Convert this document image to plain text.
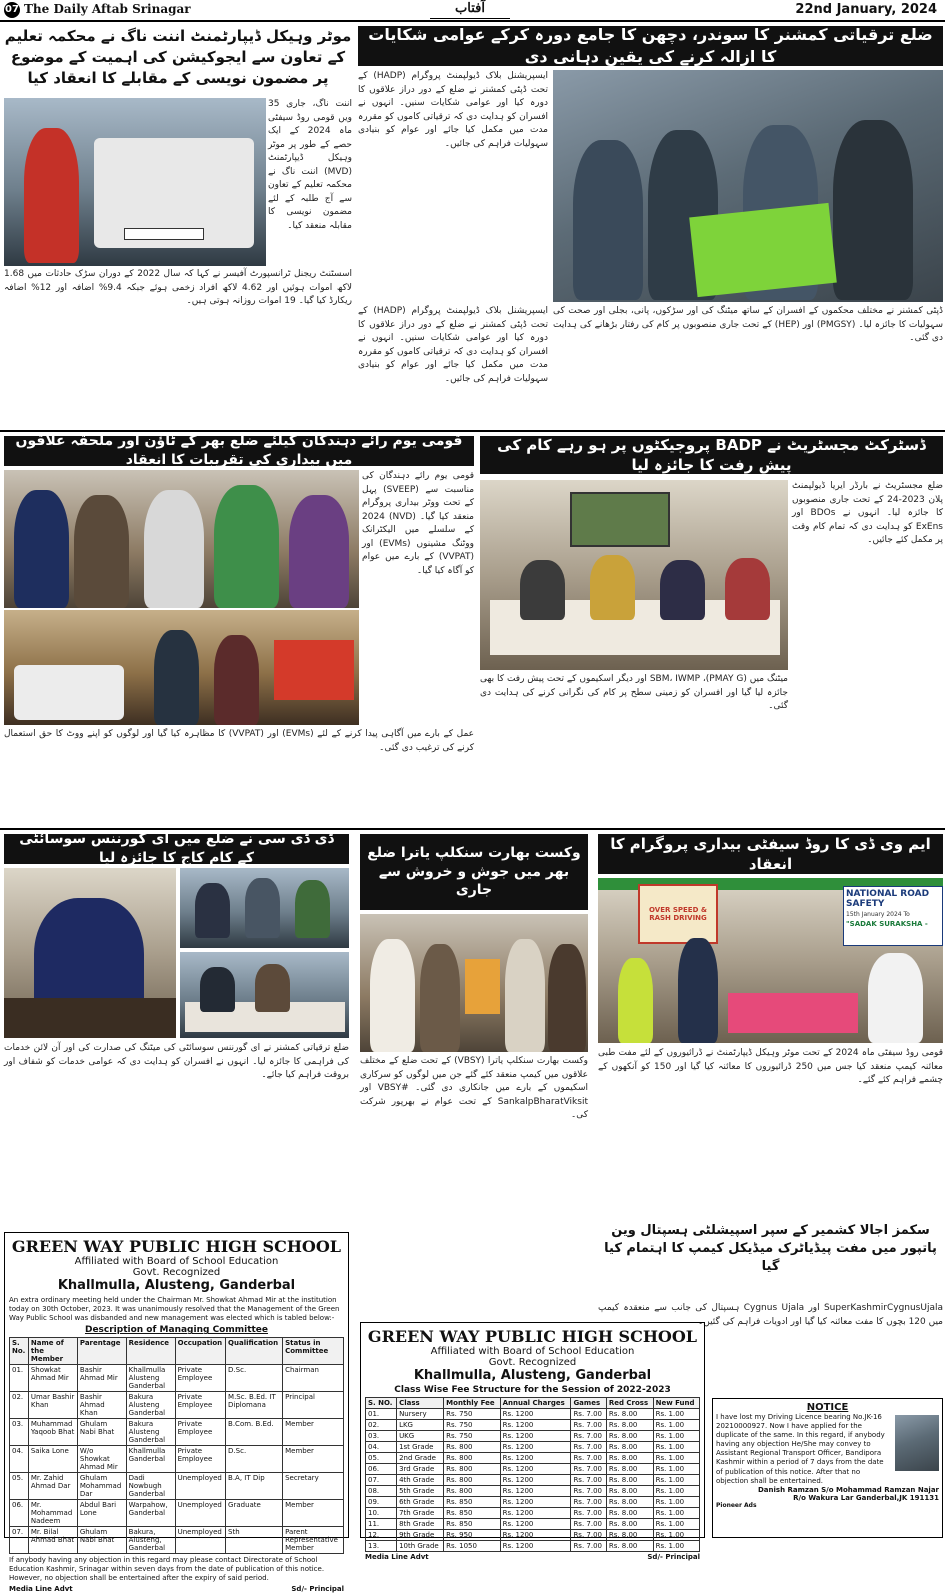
07 The Daily Aftab Srinagar	آفتاب	22nd January, 2024
ضلع ترقیاتی کمشنر کا سوندر، دچھن کا جامع دورہ کرکے عوامی شکایات کا ازالہ کرنے کی یقین دہانی دی
ایسپریشنل بلاک ڈیولپمنٹ پروگرام (HADP) کے تحت ڈپٹی کمشنر نے ضلع کے دور دراز علاقوں کا دورہ کیا اور عوامی شکایات سنیں۔ انہوں نے افسران کو ہدایت دی کہ ترقیاتی کاموں کو مقررہ مدت میں مکمل کیا جائے اور عوام کو بنیادی سہولیات فراہم کی جائیں۔
ڈپٹی کمشنر نے مختلف محکموں کے افسران کے ساتھ میٹنگ کی اور سڑکوں، پانی، بجلی اور صحت کی سہولیات کا جائزہ لیا۔ (PMGSY) اور (HEP) کے تحت جاری منصوبوں پر کام کی رفتار بڑھانے کی ہدایت دی گئی۔
ایسپریشنل بلاک ڈیولپمنٹ پروگرام (HADP) کے تحت ڈپٹی کمشنر نے ضلع کے دور دراز علاقوں کا دورہ کیا اور عوامی شکایات سنیں۔ انہوں نے افسران کو ہدایت دی کہ ترقیاتی کاموں کو مقررہ مدت میں مکمل کیا جائے اور عوام کو بنیادی سہولیات فراہم کی جائیں۔
موٹر وہیکل ڈیپارٹمنٹ اننت ناگ نے محکمہ تعلیم کے تعاون سے ایجوکیشن کی اہمیت کے موضوع پر مضمون نویسی کے مقابلے کا انعقاد کیا
اننت ناگ، جاری 35 ویں قومی روڈ سیفٹی ماہ 2024 کے ایک حصے کے طور پر موٹر وہیکل ڈیپارٹمنٹ (MVD) اننت ناگ نے محکمہ تعلیم کے تعاون سے آج طلبہ کے لئے مضمون نویسی کا مقابلہ منعقد کیا۔
اسسٹنٹ ریجنل ٹرانسپورٹ آفیسر نے کہا کہ سال 2022 کے دوران سڑک حادثات میں 1.68 لاکھ اموات ہوئیں اور 4.62 لاکھ افراد زخمی ہوئے جبکہ 9.4% اضافہ اور 12% اضافہ ریکارڈ کیا گیا۔ 19 اموات روزانہ ہوتی ہیں۔
قومی یوم رائے دہندگان کیلئے ضلع بھر کے ٹاؤن اور ملحقہ علاقوں میں بیداری کی تقریبات کا انعقاد
قومی یوم رائے دہندگان کی مناسبت سے (SVEEP) پہل کے تحت ووٹر بیداری پروگرام منعقد کیا گیا۔ (NVD) 2024 کے سلسلے میں الیکٹرانک ووٹنگ مشینوں (EVMs) اور (VVPAT) کے بارے میں عوام کو آگاہ کیا گیا۔
عمل کے بارے میں آگاہی پیدا کرنے کے لئے (EVMs) اور (VVPAT) کا مظاہرہ کیا گیا اور لوگوں کو اپنے ووٹ کا حق استعمال کرنے کی ترغیب دی گئی۔
ڈسٹرکٹ مجسٹریٹ نے BADP پروجیکٹوں پر ہو رہے کام کی پیش رفت کا جائزہ لیا
ضلع مجسٹریٹ نے بارڈر ایریا ڈیولپمنٹ پلان 2023-24 کے تحت جاری منصوبوں کا جائزہ لیا۔ انہوں نے BDOs اور ExEns کو ہدایت دی کہ تمام کام وقت پر مکمل کئے جائیں۔
میٹنگ میں (PMAY G)، SBM، IWMP اور دیگر اسکیموں کے تحت پیش رفت کا بھی جائزہ لیا گیا اور افسران کو زمینی سطح پر کام کی نگرانی کرنے کی ہدایت دی گئی۔
ڈی ڈی سی نے ضلع میں ای گورننس سوسائٹی کے کام کاج کا جائزہ لیا
ضلع ترقیاتی کمشنر نے ای گورننس سوسائٹی کی میٹنگ کی صدارت کی اور آن لائن خدمات کی فراہمی کا جائزہ لیا۔ انہوں نے افسران کو ہدایت دی کہ عوامی خدمات کو شفاف اور بروقت فراہم کیا جائے۔
وکست بھارت سنکلپ یاترا ضلع بھر میں جوش و خروش سے جاری
وکست بھارت سنکلپ یاترا (VBSY) کے تحت ضلع کے مختلف علاقوں میں کیمپ منعقد کئے گئے جن میں لوگوں کو سرکاری اسکیموں کے بارے میں جانکاری دی گئی۔ #VBSY اور SankalpBharatViksit کے تحت عوام نے بھرپور شرکت کی۔
ایم وی ڈی کا روڈ سیفٹی بیداری پروگرام کا انعقاد
OVER SPEED & RASH DRIVING
NATIONAL ROAD SAFETY
15th January 2024 To
"SADAK SURAKSHA -
قومی روڈ سیفٹی ماہ 2024 کے تحت موٹر وہیکل ڈیپارٹمنٹ نے ڈرائیوروں کے لئے مفت طبی معائنہ کیمپ منعقد کیا جس میں 250 ڈرائیوروں کا معائنہ کیا گیا اور 150 کو آنکھوں کے چشمے فراہم کئے گئے۔
سکمز اجالا کشمیر کے سپر اسپیشلٹی ہسپتال وین پاتپور میں مفت پیڈیاٹرک میڈیکل کیمپ کا اہتمام کیا گیا
SuperKashmirCygnusUjala اور Cygnus Ujala ہسپتال کی جانب سے منعقدہ کیمپ میں 120 بچوں کا مفت معائنہ کیا گیا اور ادویات فراہم کی گئیں۔
GREEN WAY PUBLIC HIGH SCHOOL
Affiliated with Board of School Education
Govt. Recognized
Khallmulla, Alusteng, Ganderbal
An extra ordinary meeting held under the Chairman Mr. Showkat Ahmad Mir at the institution today on 30th October, 2023. It was unanimously resolved that the Management of the Green Way Public School was disbanded and new management was elected which is tabled below:-
Description of Managing Committee
S. No.	Name of the Member	Parentage	Residence	Occupation	Qualification	Status in Committee
01.	Showkat Ahmad Mir	Bashir Ahmad Mir	Khallmulla Alusteng Ganderbal	Private Employee	D.Sc.	Chairman
02.	Umar Bashir Khan	Bashir Ahmad Khan	Bakura Alusteng Ganderbal	Private Employee	M.Sc. B.Ed. IT Diplomana	Principal
03.	Muhammad Yaqoob Bhat	Ghulam Nabi Bhat	Bakura Alusteng Ganderbal	Private Employee	B.Com. B.Ed.	Member
04.	Saika Lone	W/o Showkat Ahmad Mir	Khallmulla Ganderbal	Private Employee	D.Sc.	Member
05.	Mr. Zahid Ahmad Dar	Ghulam Mohammad Dar	Dadi Nowbugh Ganderbal	Unemployed	B.A, IT Dip	Secretary
06.	Mr. Mohammad Nadeem	Abdul Bari Lone	Warpahow, Ganderbal	Unemployed	Graduate	Member
07.	Mr. Bilal Ahmad Bhat	Ghulam Nabi Bhat	Bakura, Alusteng, Ganderbal	Unemployed	Sth	Parent Representative Member
If anybody having any objection in this regard may please contact Directorate of School Education Kashmir, Srinagar within seven days from the date of publication of this notice. However, no objection shall be entertained after the expiry of said period.
Media Line Advt	Sd/- Principal
GREEN WAY PUBLIC HIGH SCHOOL
Affiliated with Board of School Education
Govt. Recognized
Khallmulla, Alusteng, Ganderbal
Class Wise Fee Structure for the Session of 2022-2023
S. NO.	Class	Monthly Fee	Annual Charges	Games	Red Cross	New Fund
01.	Nursery	Rs. 750	Rs. 1200	Rs. 7.00	Rs. 8.00	Rs. 1.00
02.	LKG	Rs. 750	Rs. 1200	Rs. 7.00	Rs. 8.00	Rs. 1.00
03.	UKG	Rs. 750	Rs. 1200	Rs. 7.00	Rs. 8.00	Rs. 1.00
04.	1st Grade	Rs. 800	Rs. 1200	Rs. 7.00	Rs. 8.00	Rs. 1.00
05.	2nd Grade	Rs. 800	Rs. 1200	Rs. 7.00	Rs. 8.00	Rs. 1.00
06.	3rd Grade	Rs. 800	Rs. 1200	Rs. 7.00	Rs. 8.00	Rs. 1.00
07.	4th Grade	Rs. 800	Rs. 1200	Rs. 7.00	Rs. 8.00	Rs. 1.00
08.	5th Grade	Rs. 800	Rs. 1200	Rs. 7.00	Rs. 8.00	Rs. 1.00
09.	6th Grade	Rs. 850	Rs. 1200	Rs. 7.00	Rs. 8.00	Rs. 1.00
10.	7th Grade	Rs. 850	Rs. 1200	Rs. 7.00	Rs. 8.00	Rs. 1.00
11.	8th Grade	Rs. 850	Rs. 1200	Rs. 7.00	Rs. 8.00	Rs. 1.00
12.	9th Grade	Rs. 950	Rs. 1200	Rs. 7.00	Rs. 8.00	Rs. 1.00
13.	10th Grade	Rs. 1050	Rs. 1200	Rs. 7.00	Rs. 8.00	Rs. 1.00
Media Line Advt	Sd/- Principal
NOTICE
I have lost my Driving Licence bearing No.JK-16 20210000927. Now I have applied for the duplicate of the same. In this regard, if anybody having any objection He/She may convey to Assistant Regional Transport Officer, Bandipora Kashmir within a period of 7 days from the date of publication of this notice. After that no objection shall be entertained.
Danish Ramzan S/o Mohammad Ramzan Najar
R/o Wakura Lar Ganderbal,JK 191131
Pioneer Ads
